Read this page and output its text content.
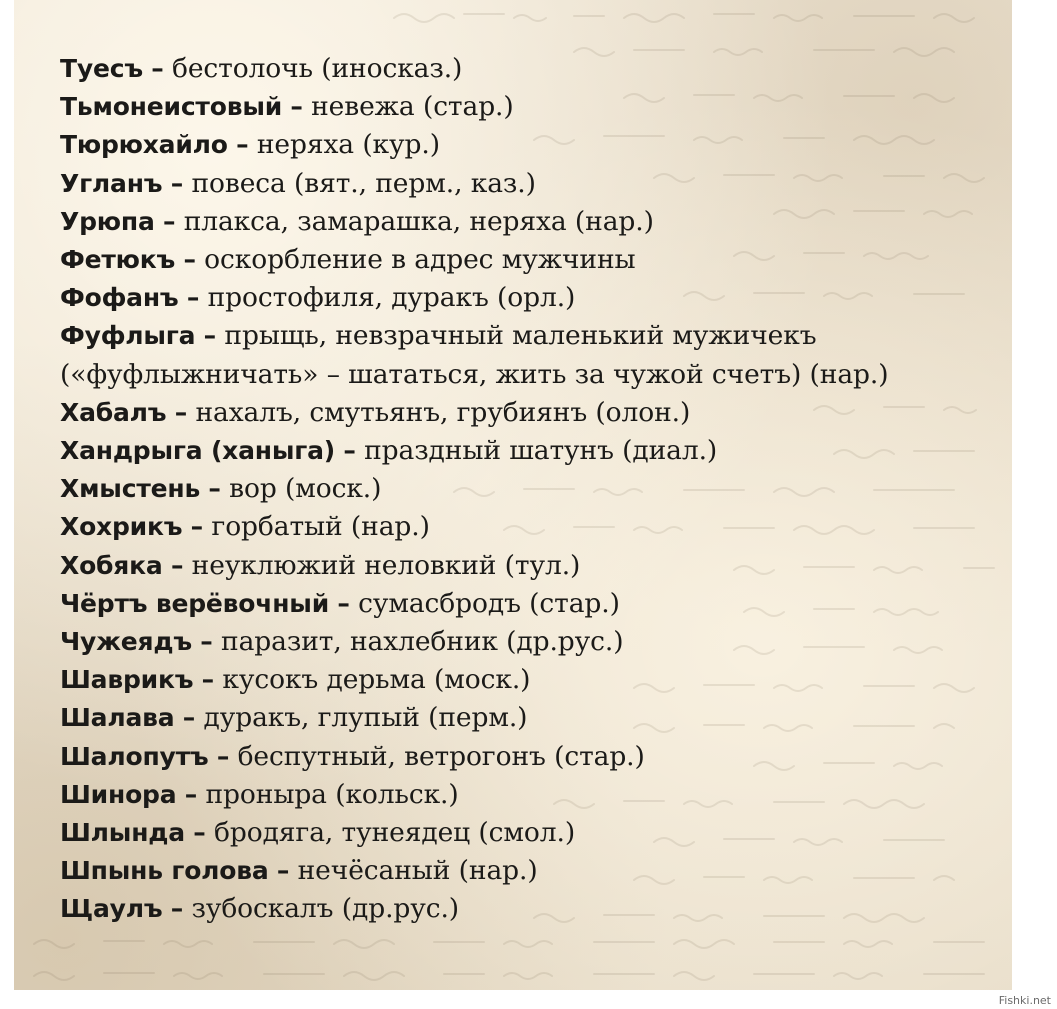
Туесъ – бестолочь (иносказ.)
Тьмонеистовый – невежа (стар.)
Тюрюхайло – неряха (кур.)
Угланъ – повеса (вят., перм., каз.)
Урюпа – плакса, замарашка, неряха (нар.)
Фетюкъ – оскорбление в адрес мужчины
Фофанъ – простофиля, дуракъ (орл.)
Фуфлыга – прыщь, невзрачный маленький мужичекъ
(«фуфлыжничать» – шататься, жить за чужой счетъ) (нар.)
Хабалъ – нахалъ, смутьянъ, грубиянъ (олон.)
Хандрыга (ханыга) – праздный шатунъ (диал.)
Хмыстень – вор (моск.)
Хохрикъ – горбатый (нар.)
Хобяка – неуклюжий неловкий (тул.)
Чёртъ верёвочный – сумасбродъ (стар.)
Чужеядъ – паразит, нахлебник (др.рус.)
Шаврикъ – кусокъ дерьма (моск.)
Шалава – дуракъ, глупый (перм.)
Шалопутъ – беспутный, ветрогонъ (стар.)
Шинора – проныра (кольск.)
Шлында – бродяга, тунеядец (смол.)
Шпынь голова – нечёсаный (нар.)
Щаулъ – зубоскалъ (др.рус.)
Fishki.net
